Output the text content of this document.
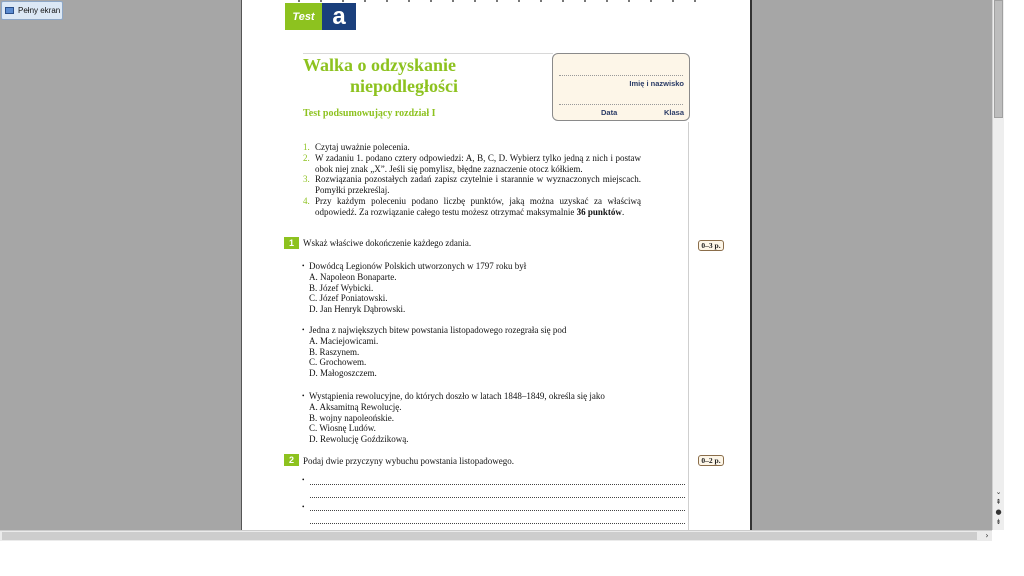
Pełny ekran	Test a
Walka o odzyskanie
niepodległości
Test podsumowujący rozdział I
Imię i nazwisko
Data	Klasa
1. Czytaj uważnie polecenia.
2. W zadaniu 1. podano cztery odpowiedzi: A, B, C, D. Wybierz tylko jedną z nich i postaw obok niej znak „X”. Jeśli się pomylisz, błędne zaznaczenie otocz kółkiem.
3. Rozwiązania pozostałych zadań zapisz czytelnie i starannie w wyznaczonych miejscach. Pomyłki przekreślaj.
4. Przy każdym poleceniu podano liczbę punktów, jaką można uzyskać za właściwą odpowiedź. Za rozwiązanie całego testu możesz otrzymać maksymalnie 36 punktów.
1	Wskaż właściwe dokończenie każdego zdania.	0–3 p.
• Dowódcą Legionów Polskich utworzonych w 1797 roku był
A. Napoleon Bonaparte.
B. Józef Wybicki.
C. Józef Poniatowski.
D. Jan Henryk Dąbrowski.
• Jedna z największych bitew powstania listopadowego rozegrała się pod
A. Maciejowicami.
B. Raszynem.
C. Grochowem.
D. Małogoszczem.
• Wystąpienia rewolucyjne, do których doszło w latach 1848–1849, określa się jako
A. Aksamitną Rewolucję.
B. wojny napoleońskie.
C. Wiosnę Ludów.
D. Rewolucję Goździkową.
2	Podaj dwie przyczyny wybuchu powstania listopadowego.	0–2 p.
•
•
⌄
⇞
●
⇟
›
